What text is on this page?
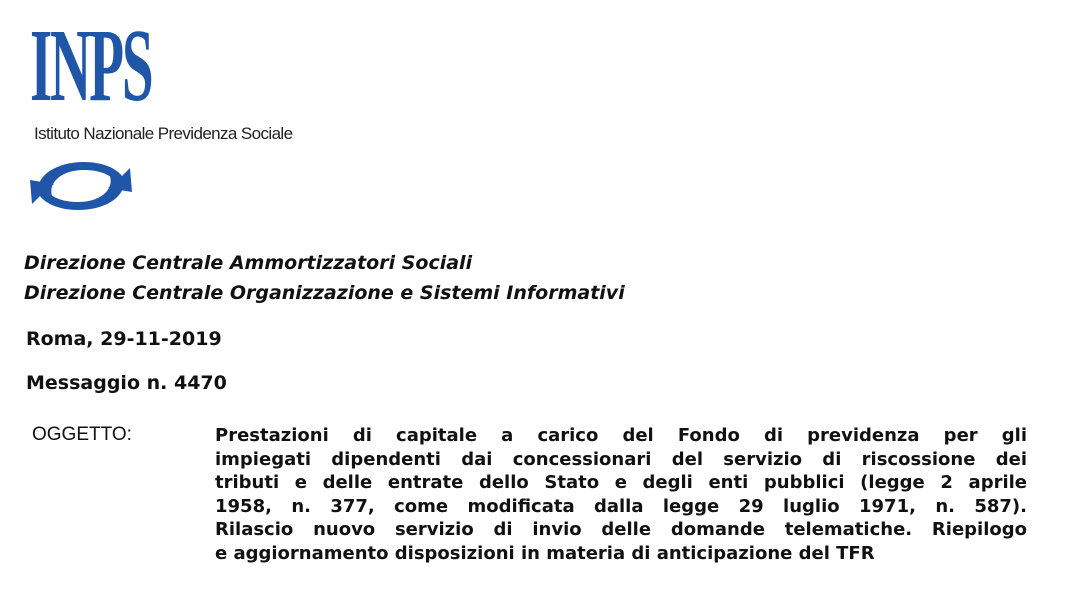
INPS
Istituto Nazionale Previdenza Sociale
Direzione Centrale Ammortizzatori Sociali
Direzione Centrale Organizzazione e Sistemi Informativi
Roma, 29-11-2019
Messaggio n. 4470
OGGETTO:	Prestazioni di capitale a carico del Fondo di previdenza per gli
impiegati dipendenti dai concessionari del servizio di riscossione dei
tributi e delle entrate dello Stato e degli enti pubblici (legge 2 aprile
1958, n. 377, come modificata dalla legge 29 luglio 1971, n. 587).
Rilascio nuovo servizio di invio delle domande telematiche. Riepilogo
e aggiornamento disposizioni in materia di anticipazione del TFR
